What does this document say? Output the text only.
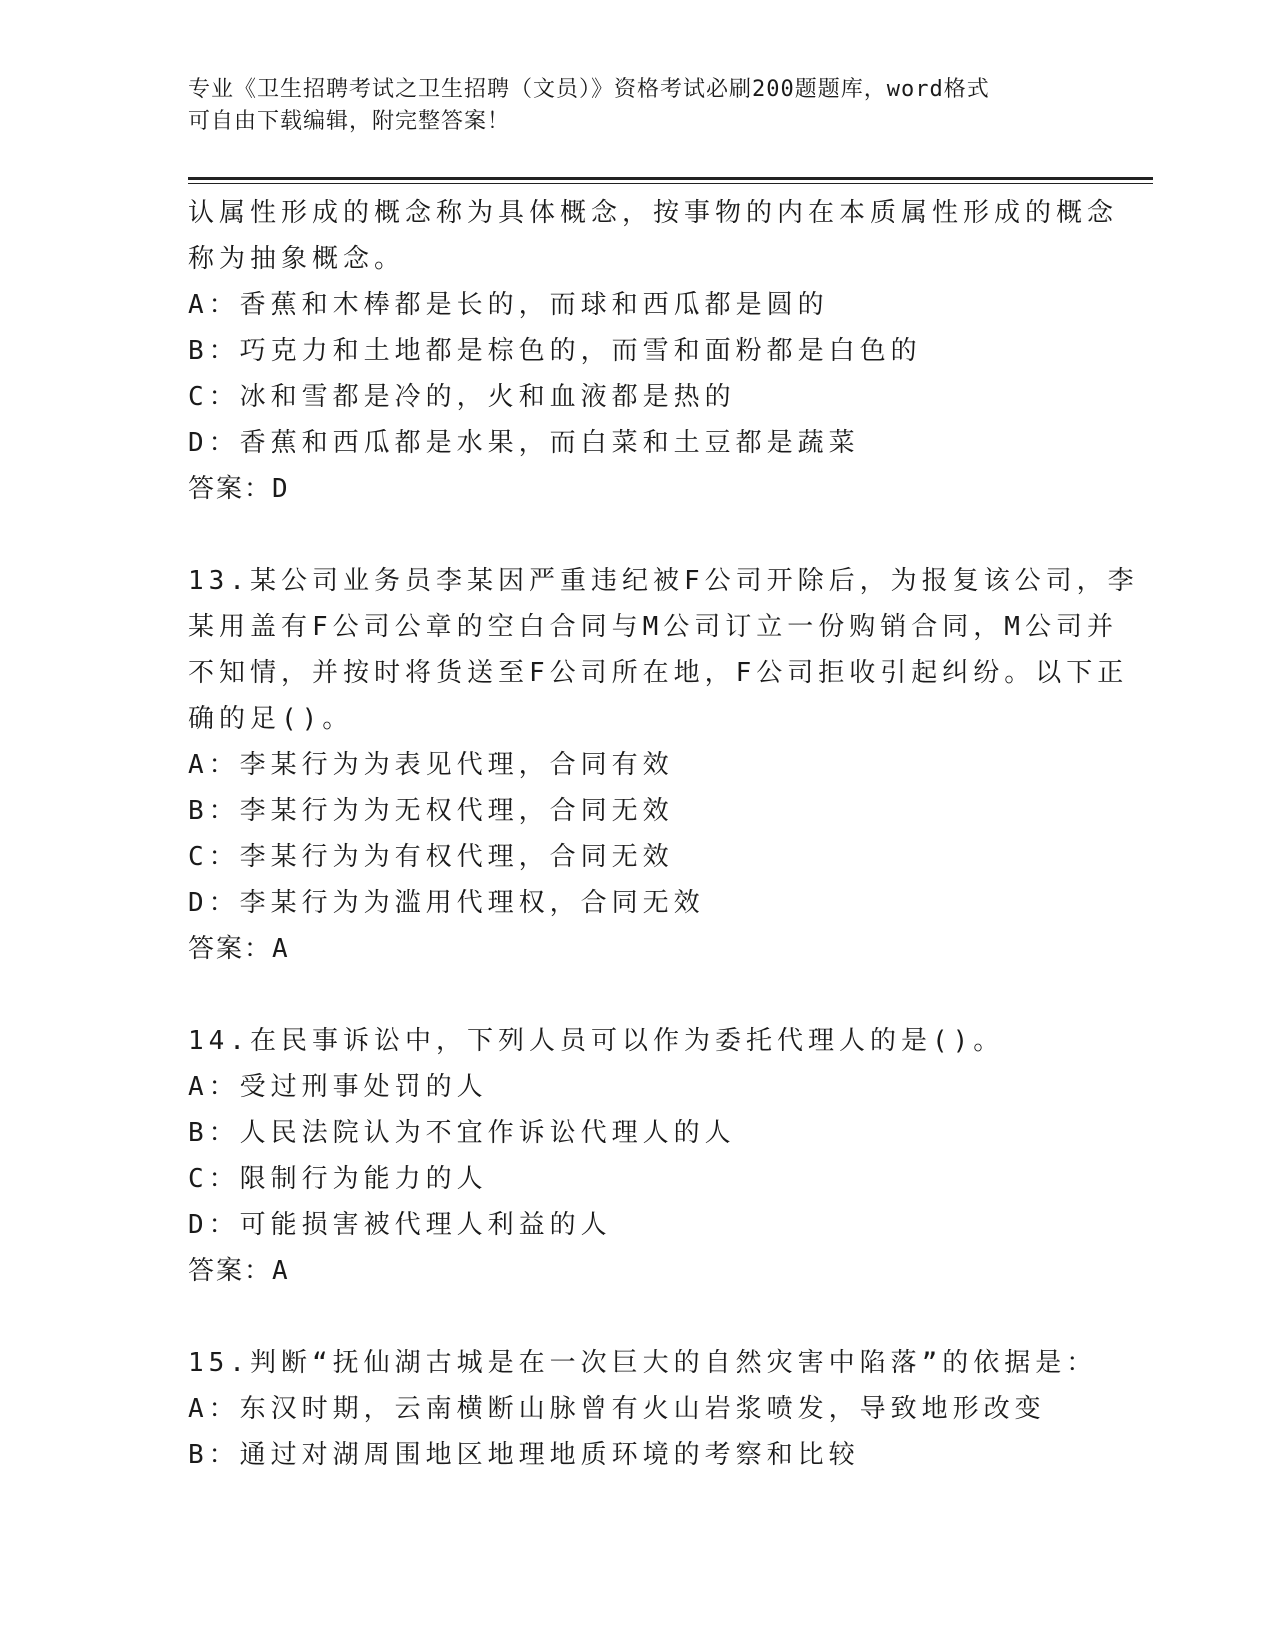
专业《卫生招聘考试之卫生招聘（文员）》资格考试必刷200题题库，word格式
可自由下载编辑，附完整答案！
认属性形成的概念称为具体概念，按事物的内在本质属性形成的概念
称为抽象概念。
A：香蕉和木棒都是长的，而球和西瓜都是圆的
B：巧克力和土地都是棕色的，而雪和面粉都是白色的
C：冰和雪都是冷的，火和血液都是热的
D：香蕉和西瓜都是水果，而白菜和土豆都是蔬菜
答案：D
13.某公司业务员李某因严重违纪被F公司开除后，为报复该公司，李
某用盖有F公司公章的空白合同与M公司订立一份购销合同，M公司并
不知情，并按时将货送至F公司所在地，F公司拒收引起纠纷。以下正
确的足()。
A：李某行为为表见代理，合同有效
B：李某行为为无权代理，合同无效
C：李某行为为有权代理，合同无效
D：李某行为为滥用代理权，合同无效
答案：A
14.在民事诉讼中，下列人员可以作为委托代理人的是()。
A：受过刑事处罚的人
B：人民法院认为不宜作诉讼代理人的人
C：限制行为能力的人
D：可能损害被代理人利益的人
答案：A
15.判断“抚仙湖古城是在一次巨大的自然灾害中陷落”的依据是：
A：东汉时期，云南横断山脉曾有火山岩浆喷发，导致地形改变
B：通过对湖周围地区地理地质环境的考察和比较
